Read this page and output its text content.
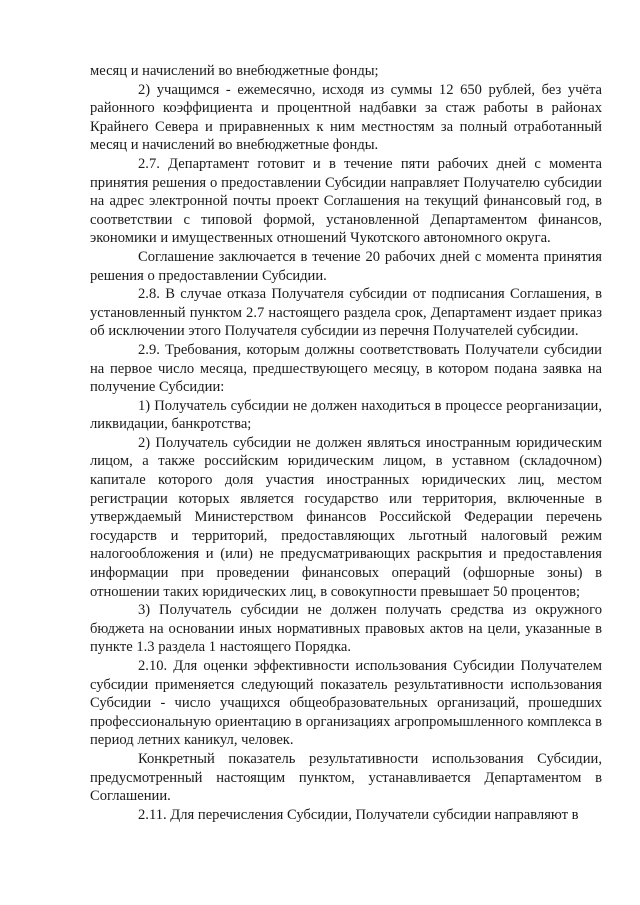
месяц и начислений во внебюджетные фонды;

2) учащимся - ежемесячно, исходя из суммы 12 650 рублей, без учёта районного коэффициента и процентной надбавки за стаж работы в районах Крайнего Севера и приравненных к ним местностям за полный отработанный месяц и начислений во внебюджетные фонды.

2.7. Департамент готовит и в течение пяти рабочих дней с момента принятия решения о предоставлении Субсидии направляет Получателю субсидии на адрес электронной почты проект Соглашения на текущий финансовый год, в соответствии с типовой формой, установленной Департаментом финансов, экономики и имущественных отношений Чукотского автономного округа.

Соглашение заключается в течение 20 рабочих дней с момента принятия решения о предоставлении Субсидии.

2.8. В случае отказа Получателя субсидии от подписания Соглашения, в установленный пунктом 2.7 настоящего раздела срок, Департамент издает приказ об исключении этого Получателя субсидии из перечня Получателей субсидии.

2.9. Требования, которым должны соответствовать Получатели субсидии на первое число месяца, предшествующего месяцу, в котором подана заявка на получение Субсидии:

1) Получатель субсидии не должен находиться в процессе реорганизации, ликвидации, банкротства;

2) Получатель субсидии не должен являться иностранным юридическим лицом, а также российским юридическим лицом, в уставном (складочном) капитале которого доля участия иностранных юридических лиц, местом регистрации которых является государство или территория, включенные в утверждаемый Министерством финансов Российской Федерации перечень государств и территорий, предоставляющих льготный налоговый режим налогообложения и (или) не предусматривающих раскрытия и предоставления информации при проведении финансовых операций (офшорные зоны) в отношении таких юридических лиц, в совокупности превышает 50 процентов;

3) Получатель субсидии не должен получать средства из окружного бюджета на основании иных нормативных правовых актов на цели, указанные в пункте 1.3 раздела 1 настоящего Порядка.

2.10. Для оценки эффективности использования Субсидии Получателем субсидии применяется следующий показатель результативности использования Субсидии - число учащихся общеобразовательных организаций, прошедших профессиональную ориентацию в организациях агропромышленного комплекса в период летних каникул, человек.

Конкретный показатель результативности использования Субсидии, предусмотренный настоящим пунктом, устанавливается Департаментом в Соглашении.

2.11. Для перечисления Субсидии, Получатели субсидии направляют в
